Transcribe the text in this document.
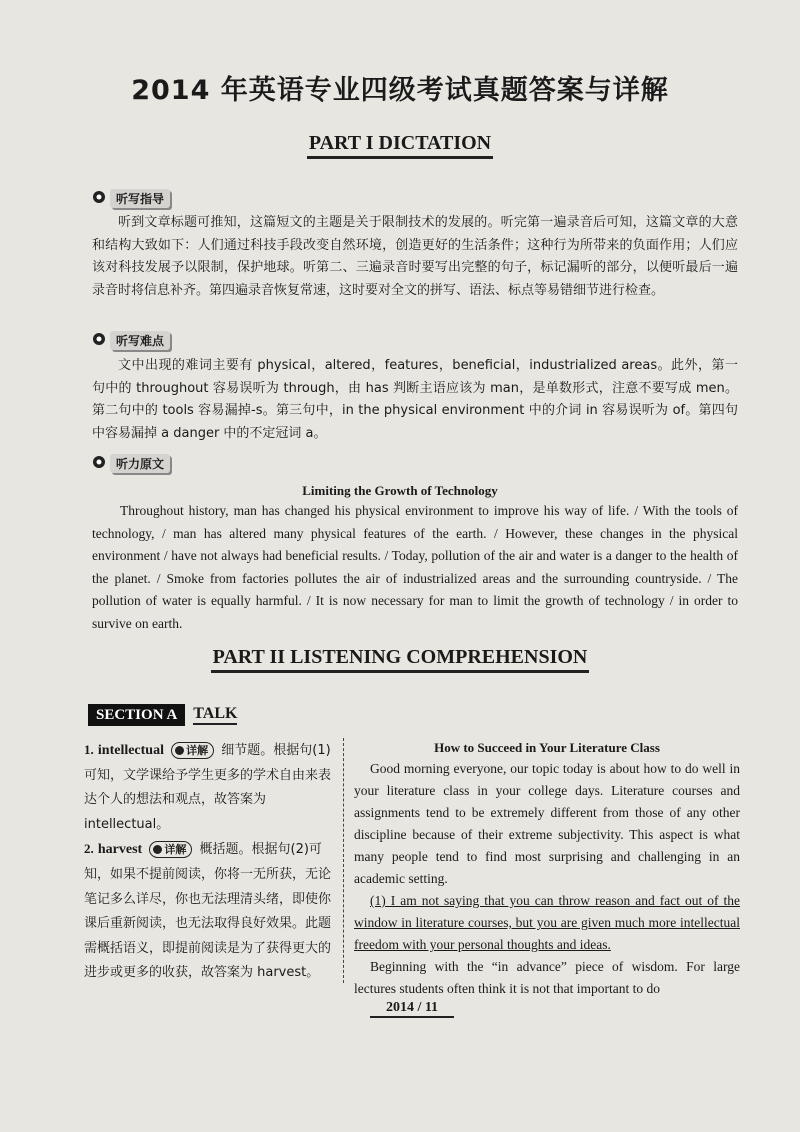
2014 年英语专业四级考试真题答案与详解
PART I DICTATION
听写指导
听到文章标题可推知，这篇短文的主题是关于限制技术的发展的。听完第一遍录音后可知，这篇文章的大意和结构大致如下：人们通过科技手段改变自然环境，创造更好的生活条件；这种行为所带来的负面作用；人们应该对科技发展予以限制，保护地球。听第二、三遍录音时要写出完整的句子，标记漏听的部分，以便听最后一遍录音时将信息补齐。第四遍录音恢复常速，这时要对全文的拼写、语法、标点等易错细节进行检查。
听写难点
文中出现的难词主要有 physical，altered，features，beneficial，industrialized areas。此外，第一句中的 throughout 容易误听为 through，由 has 判断主语应该为 man，是单数形式，注意不要写成 men。第二句中的 tools 容易漏掉-s。第三句中，in the physical environment 中的介词 in 容易误听为 of。第四句中容易漏掉 a danger 中的不定冠词 a。
听力原文
Limiting the Growth of Technology
Throughout history, man has changed his physical environment to improve his way of life. / With the tools of technology, / man has altered many physical features of the earth. / However, these changes in the physical environment / have not always had beneficial results. / Today, pollution of the air and water is a danger to the health of the planet. / Smoke from factories pollutes the air of industrialized areas and the surrounding countryside. / The pollution of water is equally harmful. / It is now necessary for man to limit the growth of technology / in order to survive on earth.
PART II LISTENING COMPREHENSION
SECTION A	TALK
1. intellectual 详解 细节题。根据句(1)可知，文学课给予学生更多的学术自由来表达个人的想法和观点，故答案为 intellectual。
2. harvest 详解 概括题。根据句(2)可知，如果不提前阅读，你将一无所获，无论笔记多么详尽，你也无法理清头绪，即使你课后重新阅读，也无法取得良好效果。此题需概括语义，即提前阅读是为了获得更大的进步或更多的收获，故答案为 harvest。
How to Succeed in Your Literature Class

Good morning everyone, our topic today is about how to do well in your literature class in your college days. Literature courses and assignments tend to be extremely different from those of any other discipline because of their extreme subjectivity. This aspect is what many people tend to find most surprising and challenging in an academic setting.

(1) I am not saying that you can throw reason and fact out of the window in literature courses, but you are given much more intellectual freedom with your personal thoughts and ideas.

Beginning with the “in advance” piece of wisdom. For large lectures students often think it is not that important to do

2014 / 11
